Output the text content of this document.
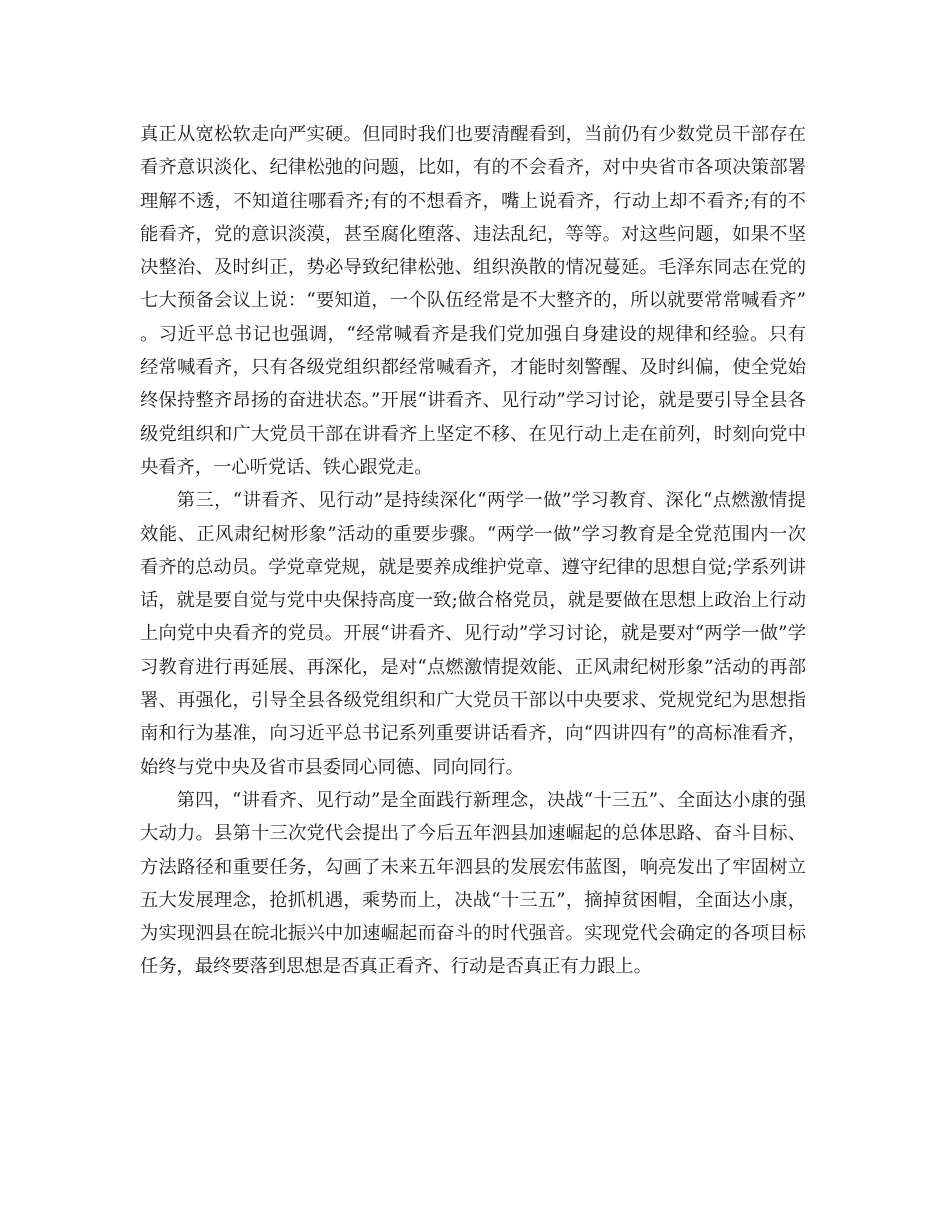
真正从宽松软走向严实硬。但同时我们也要清醒看到，当前仍有少数党员干部存在看齐意识淡化、纪律松弛的问题，比如，有的不会看齐，对中央省市各项决策部署理解不透，不知道往哪看齐;有的不想看齐，嘴上说看齐，行动上却不看齐;有的不能看齐，党的意识淡漠，甚至腐化堕落、违法乱纪，等等。对这些问题，如果不坚决整治、及时纠正，势必导致纪律松弛、组织涣散的情况蔓延。毛泽东同志在党的七大预备会议上说：“要知道，一个队伍经常是不大整齐的，所以就要常常喊看齐”。习近平总书记也强调，“经常喊看齐是我们党加强自身建设的规律和经验。只有经常喊看齐，只有各级党组织都经常喊看齐，才能时刻警醒、及时纠偏，使全党始终保持整齐昂扬的奋进状态。”开展“讲看齐、见行动”学习讨论，就是要引导全县各级党组织和广大党员干部在讲看齐上坚定不移、在见行动上走在前列，时刻向党中央看齐，一心听党话、铁心跟党走。

第三，“讲看齐、见行动”是持续深化“两学一做”学习教育、深化“点燃激情提效能、正风肃纪树形象”活动的重要步骤。“两学一做”学习教育是全党范围内一次看齐的总动员。学党章党规，就是要养成维护党章、遵守纪律的思想自觉;学系列讲话，就是要自觉与党中央保持高度一致;做合格党员，就是要做在思想上政治上行动上向党中央看齐的党员。开展“讲看齐、见行动”学习讨论，就是要对“两学一做”学习教育进行再延展、再深化，是对“点燃激情提效能、正风肃纪树形象”活动的再部署、再强化，引导全县各级党组织和广大党员干部以中央要求、党规党纪为思想指南和行为基准，向习近平总书记系列重要讲话看齐，向“四讲四有”的高标准看齐，始终与党中央及省市县委同心同德、同向同行。

第四，“讲看齐、见行动”是全面践行新理念，决战“十三五”、全面达小康的强大动力。县第十三次党代会提出了今后五年泗县加速崛起的总体思路、奋斗目标、方法路径和重要任务，勾画了未来五年泗县的发展宏伟蓝图，响亮发出了牢固树立五大发展理念，抢抓机遇，乘势而上，决战“十三五”，摘掉贫困帽，全面达小康，为实现泗县在皖北振兴中加速崛起而奋斗的时代强音。实现党代会确定的各项目标任务，最终要落到思想是否真正看齐、行动是否真正有力跟上。
